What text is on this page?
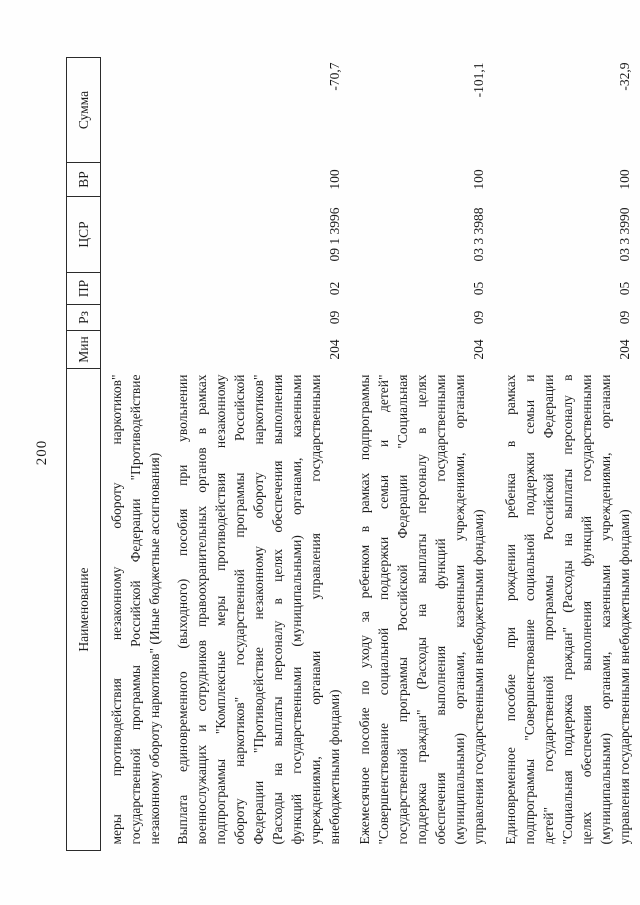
200
Наименование	Мин	Рз	ПР	ЦСР	ВР	Сумма

меры противодействия незаконному обороту наркотиков" государственной программы Российской Федерации "Противодействие незаконному обороту наркотиков" (Иные бюджетные ассигнования)						

Выплата единовременного (выходного) пособия при увольнении военнослужащих и сотрудников правоохранительных органов в рамках подпрограммы "Комплексные меры противодействия незаконному обороту наркотиков" государственной программы Российской Федерации "Противодействие незаконному обороту наркотиков" (Расходы на выплаты персоналу в целях обеспечения выполнения функций государственными (муниципальными) органами, казенными учреждениями, органами управления государственными внебюджетными фондами)
	204	09	02	09 1 3996	100	-70,7

Ежемесячное пособие по уходу за ребенком в рамках подпрограммы "Совершенствование социальной поддержки семьи и детей" государственной программы Российской Федерации "Социальная поддержка граждан" (Расходы на выплаты персоналу в целях обеспечения выполнения функций государственными (муниципальными) органами, казенными учреждениями, органами управления государственными внебюджетными фондами)
	204	09	05	03 3 3988	100	-101,1

Единовременное пособие при рождении ребенка в рамках подпрограммы "Совершенствование социальной поддержки семьи и детей" государственной программы Российской Федерации "Социальная поддержка граждан" (Расходы на выплаты персоналу в целях обеспечения выполнения функций государственными (муниципальными) органами, казенными учреждениями, органами управления государственными внебюджетными фондами)
	204	09	05	03 3 3990	100	-32,9
